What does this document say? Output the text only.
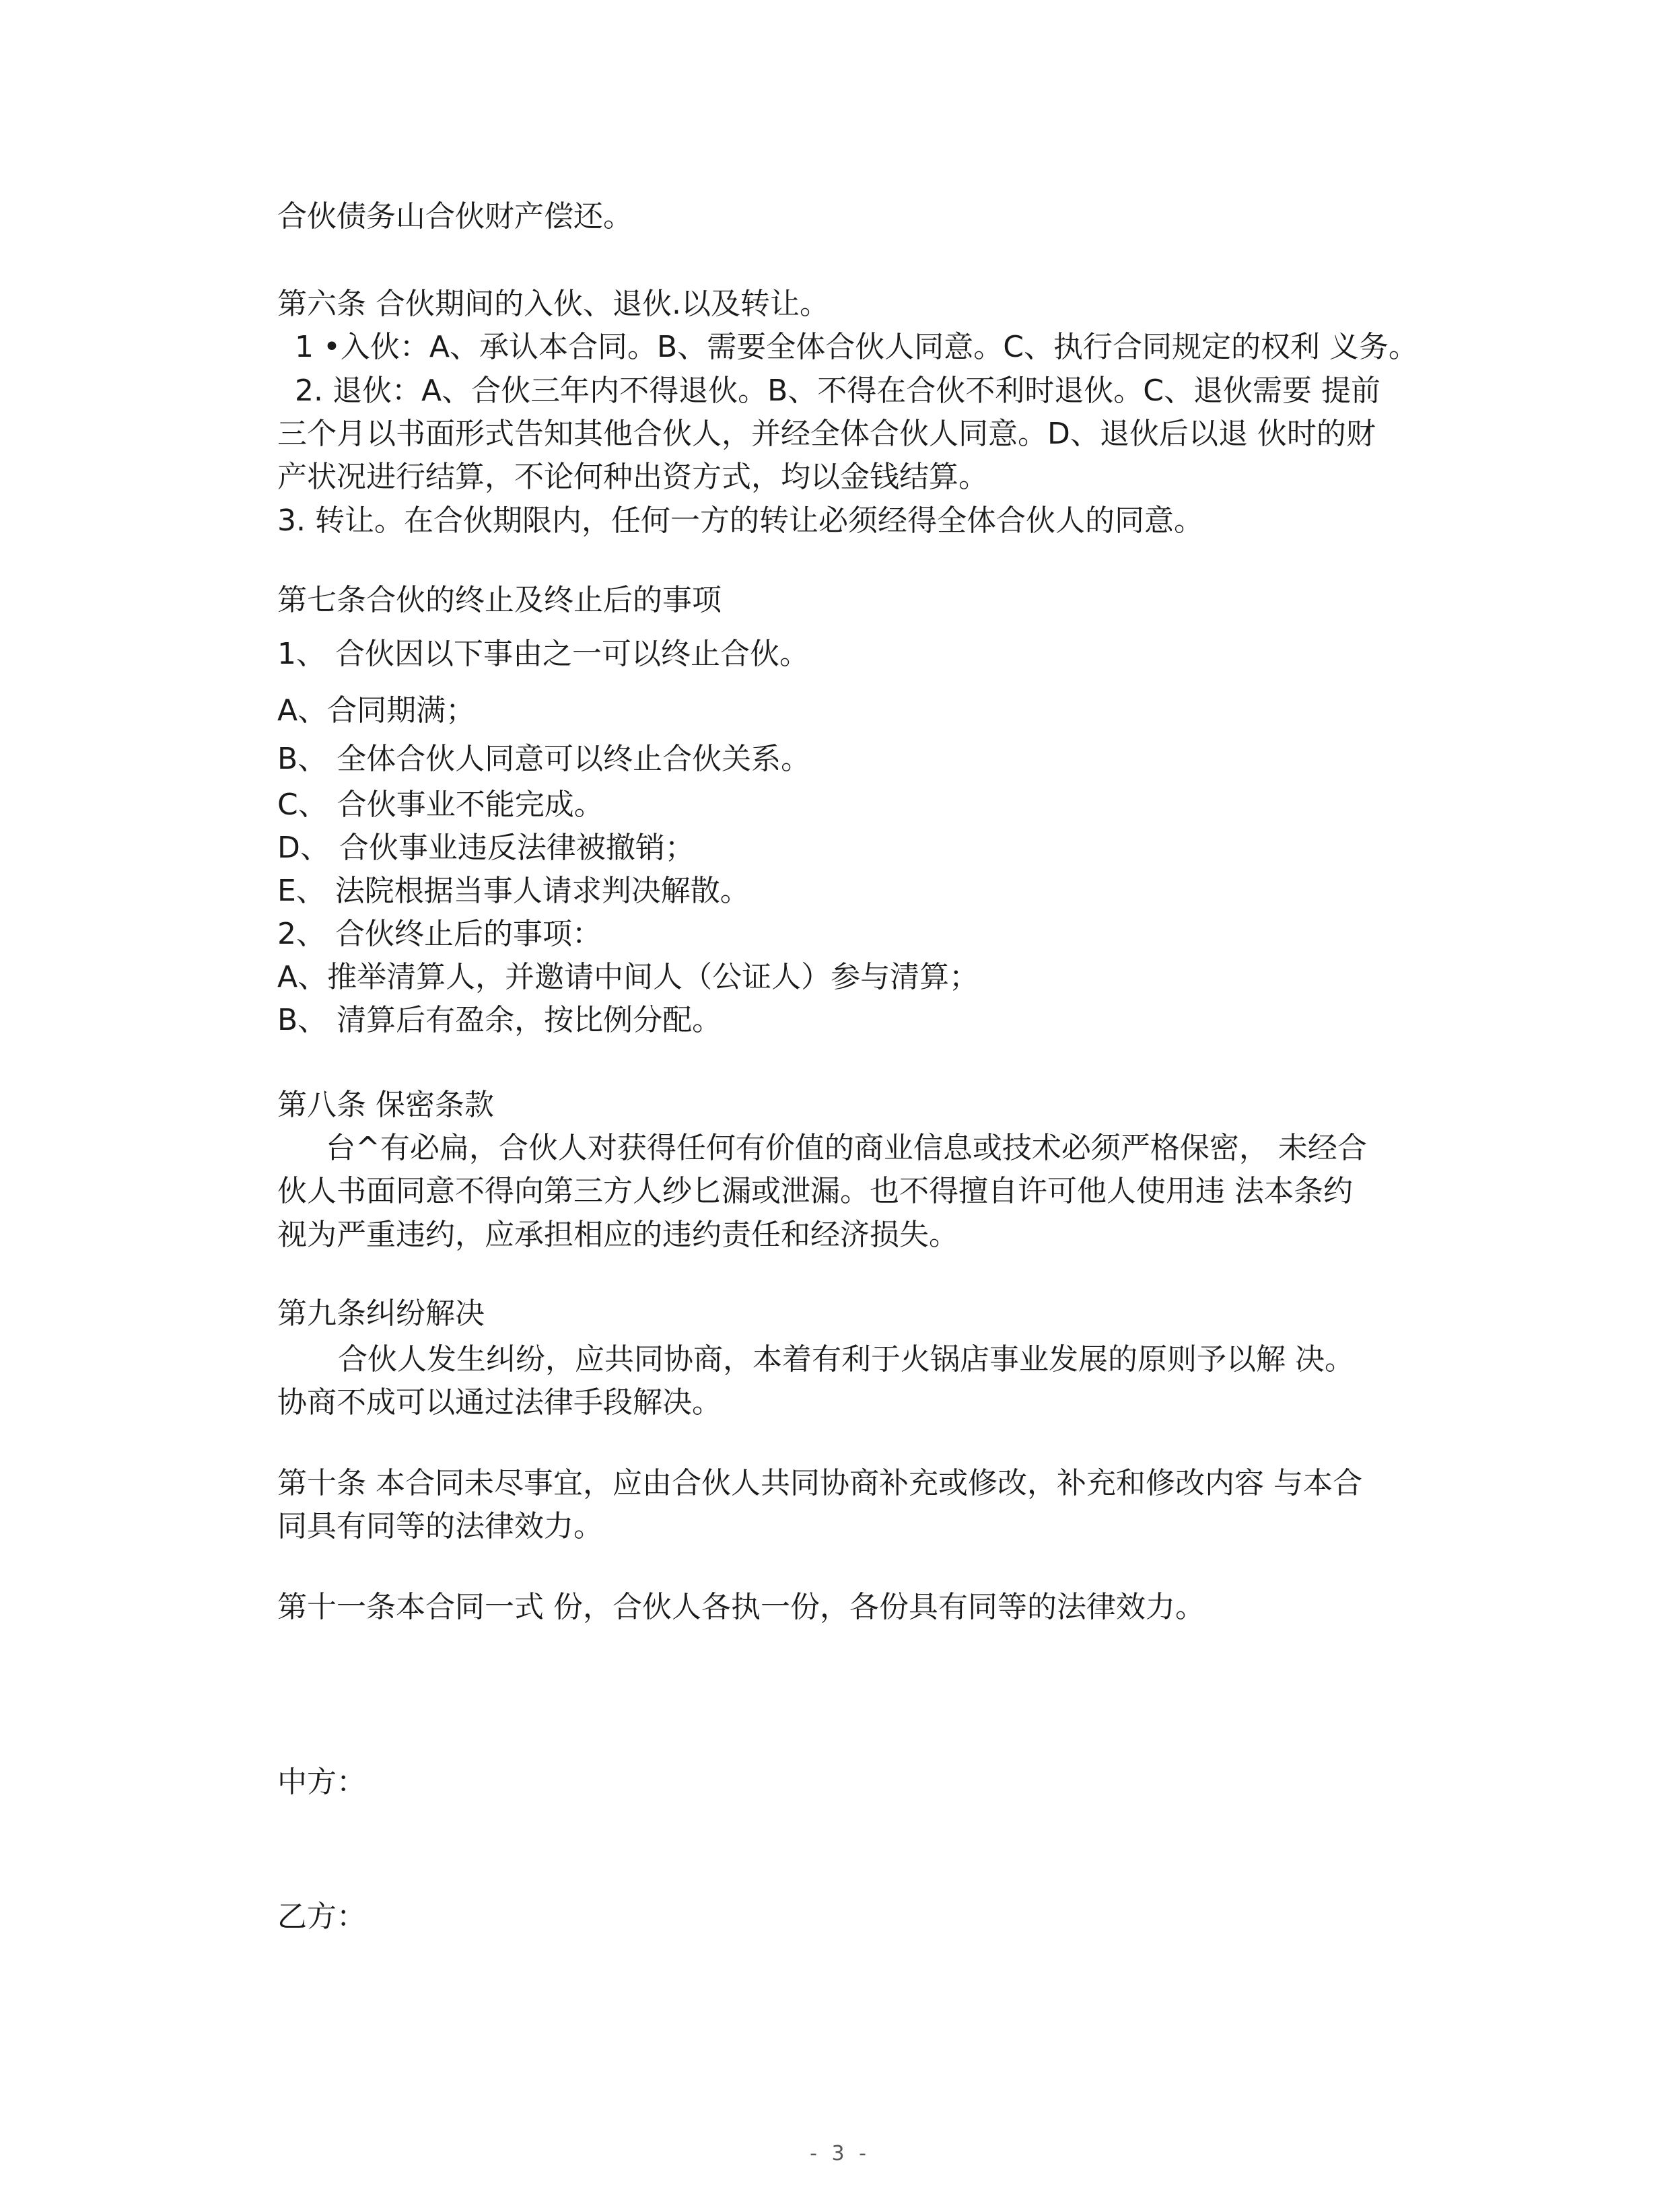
合伙债务山合伙财产偿还。

第六条 合伙期间的入伙、退伙.以及转让。

1 •入伙：A、承认本合同。B、需要全体合伙人同意。C、执行合同规定的权利 义务。

2. 退伙：A、合伙三年内不得退伙。B、不得在合伙不利时退伙。C、退伙需要 提前

三个月以书面形式告知其他合伙人，并经全体合伙人同意。D、退伙后以退 伙时的财

产状况进行结算，不论何种出资方式，均以金钱结算。

3. 转让。在合伙期限内，任何一方的转让必须经得全体合伙人的同意。

第七条合伙的终止及终止后的事项

1、 合伙因以下事由之一可以终止合伙。

A、合同期满；

B、 全体合伙人同意可以终止合伙关系。

C、 合伙事业不能完成。

D、 合伙事业违反法律被撤销；

E、 法院根据当事人请求判决解散。

2、 合伙终止后的事项：

A、推举清算人，并邀请中间人（公证人）参与清算；

B、 清算后有盈余，按比例分配。

第八条 保密条款

台^有必扁，合伙人对获得任何有价值的商业信息或技术必须严格保密， 未经合

伙人书面同意不得向第三方人纱匕漏或泄漏。也不得擅自许可他人使用违 法本条约

视为严重违约，应承担相应的违约责任和经济损失。

第九条纠纷解决

合伙人发生纠纷，应共同协商，本着有利于火锅店事业发展的原则予以解 决。

协商不成可以通过法律手段解决。

第十条 本合同未尽事宜，应由合伙人共同协商补充或修改，补充和修改内容 与本合

同具有同等的法律效力。

第十一条本合同一式 份，合伙人各执一份，各份具有同等的法律效力。

中方：

乙方：

- 3 -
